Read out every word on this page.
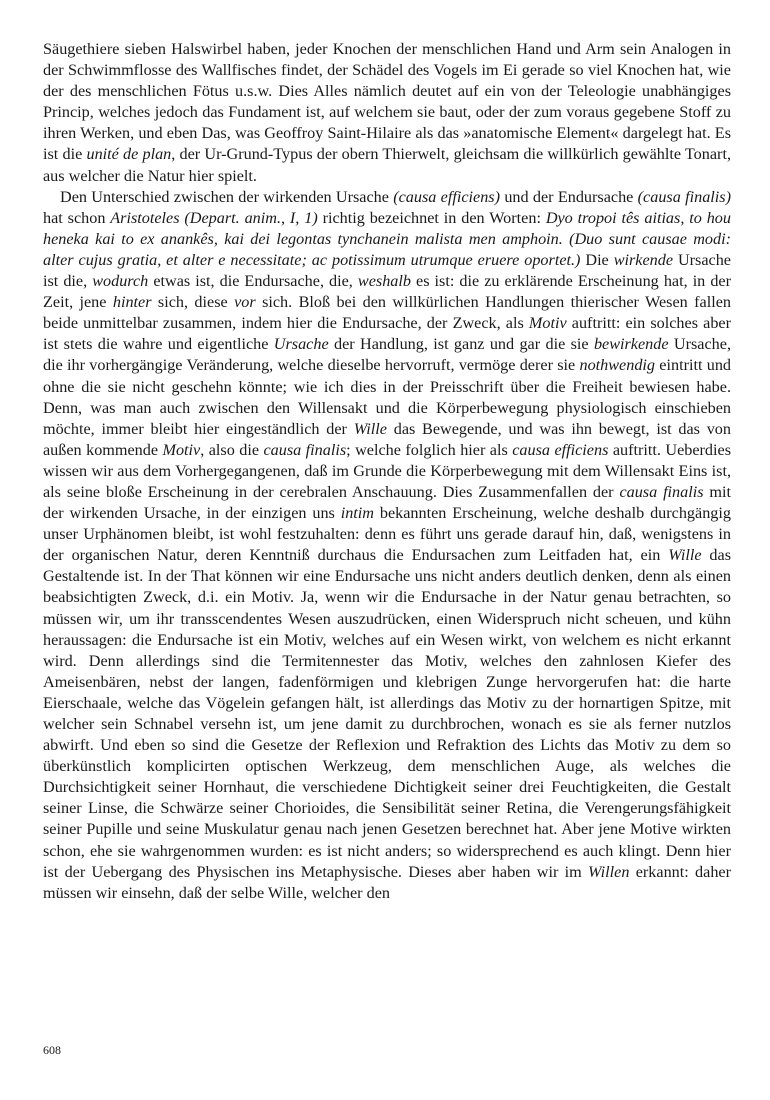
Säugethiere sieben Halswirbel haben, jeder Knochen der menschlichen Hand und Arm sein Analogen in der Schwimmflosse des Wallfisches findet, der Schädel des Vogels im Ei gerade so viel Knochen hat, wie der des menschlichen Fötus u.s.w. Dies Alles nämlich deutet auf ein von der Teleologie unabhängiges Princip, welches jedoch das Fundament ist, auf welchem sie baut, oder der zum voraus gegebene Stoff zu ihren Werken, und eben Das, was Geoffroy Saint-Hilaire als das »anatomische Element« dargelegt hat. Es ist die unité de plan, der Ur-Grund-Typus der obern Thierwelt, gleichsam die willkürlich gewählte Tonart, aus welcher die Natur hier spielt.

Den Unterschied zwischen der wirkenden Ursache (causa efficiens) und der Endursache (causa finalis) hat schon Aristoteles (Depart. anim., I, 1) richtig bezeichnet in den Worten: Dyo tropoi tês aitias, to hou heneka kai to ex anankês, kai dei legontas tynchanein malista men amphoin. (Duo sunt causae modi: alter cujus gratia, et alter e necessitate; ac potissimum utrumque eruere oportet.) Die wirkende Ursache ist die, wodurch etwas ist, die Endursache, die, weshalb es ist: die zu erklärende Erscheinung hat, in der Zeit, jene hinter sich, diese vor sich. Bloß bei den willkürlichen Handlungen thierischer Wesen fallen beide unmittelbar zusammen, indem hier die Endursache, der Zweck, als Motiv auftritt: ein solches aber ist stets die wahre und eigentliche Ursache der Handlung, ist ganz und gar die sie bewirkende Ursache, die ihr vorhergängige Veränderung, welche dieselbe hervorruft, vermöge derer sie nothwendig eintritt und ohne die sie nicht geschehn könnte; wie ich dies in der Preisschrift über die Freiheit bewiesen habe. Denn, was man auch zwischen den Willensakt und die Körperbewegung physiologisch einschieben möchte, immer bleibt hier eingeständlich der Wille das Bewegende, und was ihn bewegt, ist das von außen kommende Motiv, also die causa finalis; welche folglich hier als causa efficiens auftritt. Ueberdies wissen wir aus dem Vorhergegangenen, daß im Grunde die Körperbewegung mit dem Willensakt Eins ist, als seine bloße Erscheinung in der cerebralen Anschauung. Dies Zusammenfallen der causa finalis mit der wirkenden Ursache, in der einzigen uns intim bekannten Erscheinung, welche deshalb durchgängig unser Urphänomen bleibt, ist wohl festzuhalten: denn es führt uns gerade darauf hin, daß, wenigstens in der organischen Natur, deren Kenntniß durchaus die Endursachen zum Leitfaden hat, ein Wille das Gestaltende ist. In der That können wir eine Endursache uns nicht anders deutlich denken, denn als einen beabsichtigten Zweck, d.i. ein Motiv. Ja, wenn wir die Endursache in der Natur genau betrachten, so müssen wir, um ihr transscendentes Wesen auszudrücken, einen Widerspruch nicht scheuen, und kühn heraussagen: die Endursache ist ein Motiv, welches auf ein Wesen wirkt, von welchem es nicht erkannt wird. Denn allerdings sind die Termitennester das Motiv, welches den zahnlosen Kiefer des Ameisenbären, nebst der langen, fadenförmigen und klebrigen Zunge hervorgerufen hat: die harte Eierschaale, welche das Vögelein gefangen hält, ist allerdings das Motiv zu der hornartigen Spitze, mit welcher sein Schnabel versehn ist, um jene damit zu durchbrochen, wonach es sie als ferner nutzlos abwirft. Und eben so sind die Gesetze der Reflexion und Refraktion des Lichts das Motiv zu dem so überkünstlich komplicirten optischen Werkzeug, dem menschlichen Auge, als welches die Durchsichtigkeit seiner Hornhaut, die verschiedene Dichtigkeit seiner drei Feuchtigkeiten, die Gestalt seiner Linse, die Schwärze seiner Chorioides, die Sensibilität seiner Retina, die Verengerungsfähigkeit seiner Pupille und seine Muskulatur genau nach jenen Gesetzen berechnet hat. Aber jene Motive wirkten schon, ehe sie wahrgenommen wurden: es ist nicht anders; so widersprechend es auch klingt. Denn hier ist der Uebergang des Physischen ins Metaphysische. Dieses aber haben wir im Willen erkannt: daher müssen wir einsehn, daß der selbe Wille, welcher den

608
